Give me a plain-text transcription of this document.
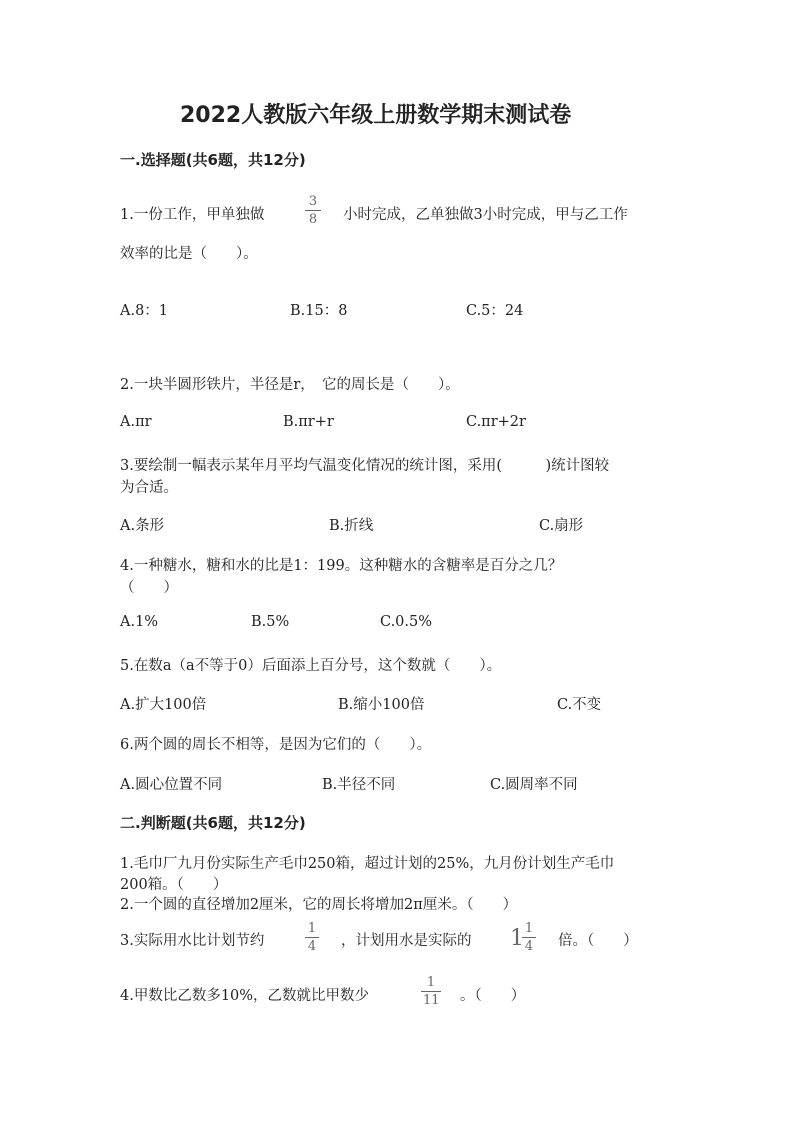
2022人教版六年级上册数学期末测试卷
一.选择题(共6题，共12分)
1.一份工作，甲单独做
3
8 小时完成，乙单独做3小时完成，甲与乙工作
效率的比是（　　）。
A.8：1	B.15：8	C.5：24
2.一块半圆形铁片，半径是r，　它的周长是（　　）。
A.πr	B.πr+r	C.πr+2r
3.要绘制一幅表示某年月平均气温变化情况的统计图，采用(　　　)统计图较
为合适。
A.条形	B.折线	C.扇形
4.一种糖水，糖和水的比是1：199。这种糖水的含糖率是百分之几？
（　　）
A.1%	B.5%	C.0.5%
5.在数a（a不等于0）后面添上百分号，这个数就（　　）。
A.扩大100倍	B.缩小100倍	C.不变
6.两个圆的周长不相等，是因为它们的（　　）。
A.圆心位置不同	B.半径不同	C.圆周率不同
二.判断题(共6题，共12分)
1.毛巾厂九月份实际生产毛巾250箱，超过计划的25%，九月份计划生产毛巾
200箱。（　　）
2.一个圆的直径增加2厘米，它的周长将增加2π厘米。（　　）
3.实际用水比计划节约
1
4 ，计划用水是实际的 1 1
4 倍。（　　）
4.甲数比乙数多10%，乙数就比甲数少
1
11 。（　　）
